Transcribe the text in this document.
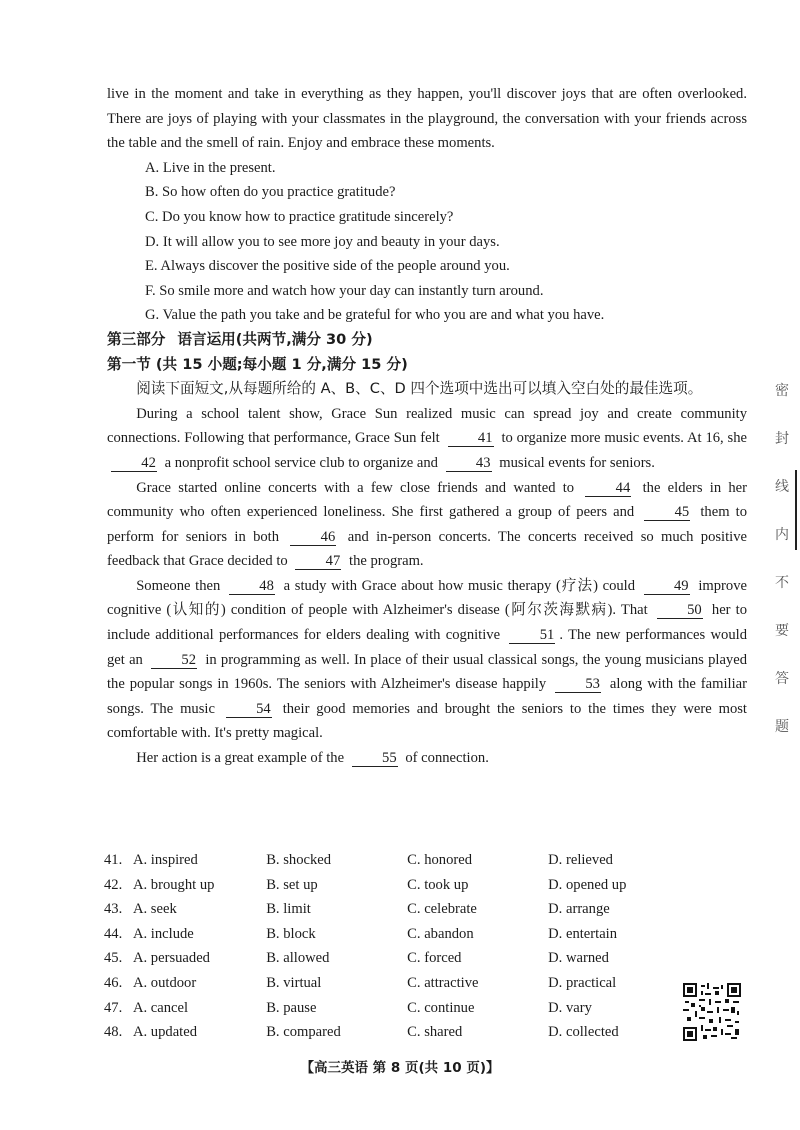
live in the moment and take in everything as they happen, you'll discover joys that are often overlooked. There are joys of playing with your classmates in the playground, the conversation with your friends across the table and the smell of rain. Enjoy and embrace these moments.

A. Live in the present.

B. So how often do you practice gratitude?

C. Do you know how to practice gratitude sincerely?

D. It will allow you to see more joy and beauty in your days.

E. Always discover the positive side of the people around you.

F. So smile more and watch how your day can instantly turn around.

G. Value the path you take and be grateful for who you are and what you have.

第三部分 语言运用(共两节,满分 30 分)

第一节 (共 15 小题;每小题 1 分,满分 15 分)

阅读下面短文,从每题所给的 A、B、C、D 四个选项中选出可以填入空白处的最佳选项。

During a school talent show, Grace Sun realized music can spread joy and create community connections. Following that performance, Grace Sun felt	41 to organize more music events. At 16, she 42 a nonprofit school service club to organize and	43 musical events for seniors.

Grace started online concerts with a few close friends and wanted to	44 the elders in her community who often experienced loneliness. She first gathered a group of peers and	45 them to perform for seniors in both	46 and in-person concerts. The concerts received so much positive feedback that Grace decided to	47 the program.

Someone then	48 a study with Grace about how music therapy (疗法) could	49 improve cognitive (认知的) condition of people with Alzheimer's disease (阿尔茨海默病). That	50 her to include additional performances for elders dealing with cognitive	51 . The new performances would get an	52 in programming as well. In place of their usual classical songs, the young musicians played the popular songs in 1960s. The seniors with Alzheimer's disease happily	53 along with the familiar songs. The music	54 their good memories and brought the seniors to the times they were most comfortable with. It's pretty magical.

Her action is a great example of the	55 of connection.

41. A. inspired	B. shocked	C. honored	D. relieved
42. A. brought up	B. set up	C. took up	D. opened up
43. A. seek	B. limit	C. celebrate	D. arrange
44. A. include	B. block	C. abandon	D. entertain
45. A. persuaded	B. allowed	C. forced	D. warned
46. A. outdoor	B. virtual	C. attractive	D. practical
47. A. cancel	B. pause	C. continue	D. vary
48. A. updated	B. compared	C. shared	D. collected
密
封
线
内
不
要
答
题
【高三英语 第 8 页(共 10 页)】
